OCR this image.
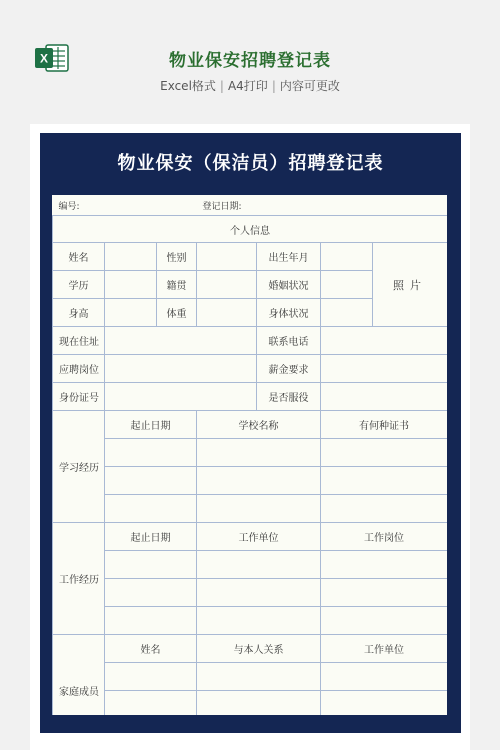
X	物业保安招聘登记表
Excel格式 | A4打印 | 内容可更改
物业保安（保洁员）招聘登记表
编号:			登记日期:			
个人信息						
姓名		性别		出生年月		照片
学历		籍贯		婚姻状况		
身高		体重		身体状况		
现在住址				联系电话		
应聘岗位				薪金要求		
身份证号				是否服役		
学习经历	起止日期		学校名称		有何种证书	

工作经历	起止日期		工作单位		工作岗位	

家庭成员	姓名		与本人关系		工作单位	
